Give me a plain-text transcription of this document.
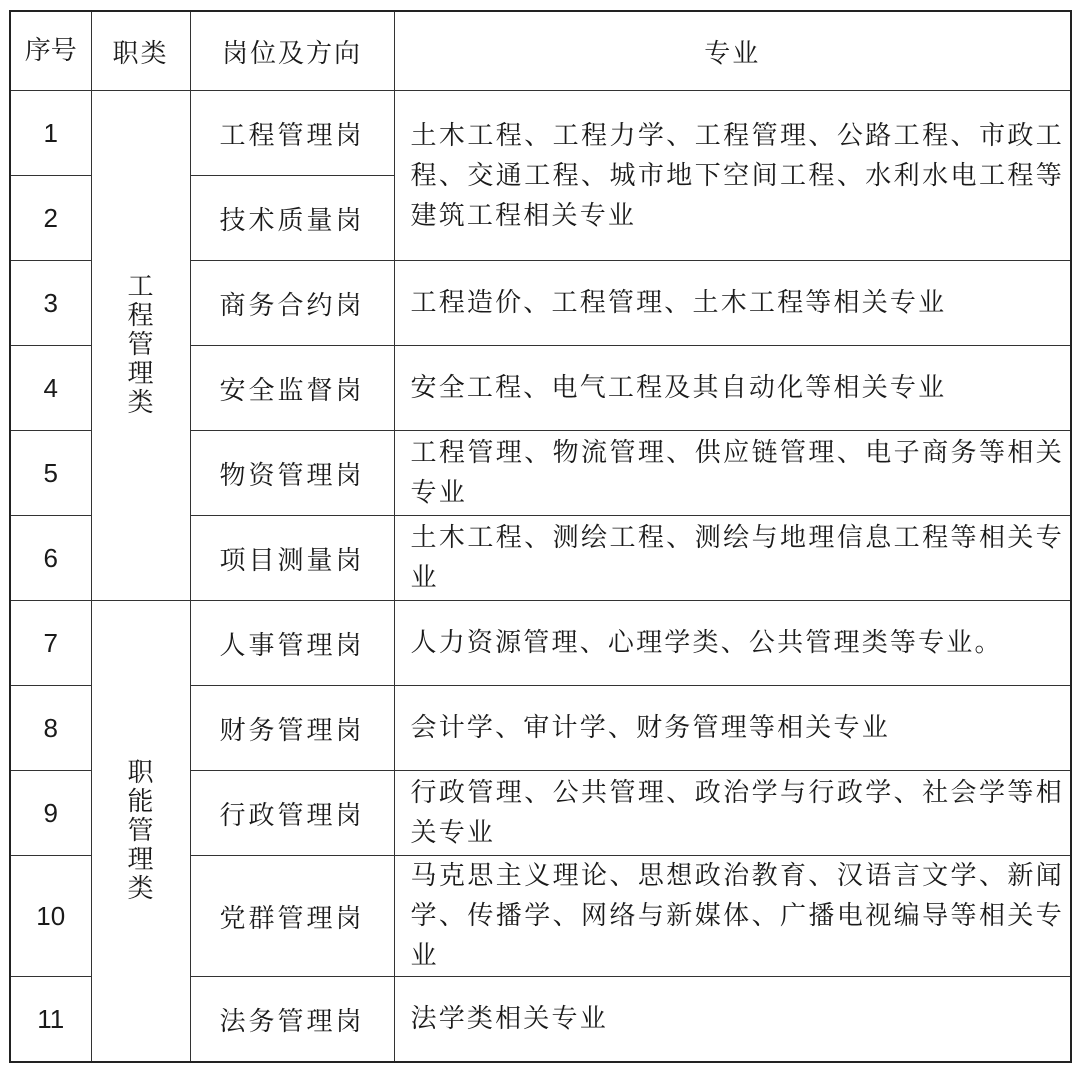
序号	职类	岗位及方向	专业
1	工程管理类	工程管理岗	土木工程、工程力学、工程管理、公路工程、市政工程、交通工程、城市地下空间工程、水利水电工程等建筑工程相关专业
2		技术质量岗	
3		商务合约岗	工程造价、工程管理、土木工程等相关专业
4		安全监督岗	安全工程、电气工程及其自动化等相关专业
5		物资管理岗	工程管理、物流管理、供应链管理、电子商务等相关专业
6		项目测量岗	土木工程、测绘工程、测绘与地理信息工程等相关专业
7	职能管理类	人事管理岗	人力资源管理、心理学类、公共管理类等专业。
8		财务管理岗	会计学、审计学、财务管理等相关专业
9		行政管理岗	行政管理、公共管理、政治学与行政学、社会学等相关专业
10		党群管理岗	马克思主义理论、思想政治教育、汉语言文学、新闻学、传播学、网络与新媒体、广播电视编导等相关专业
11		法务管理岗	法学类相关专业
